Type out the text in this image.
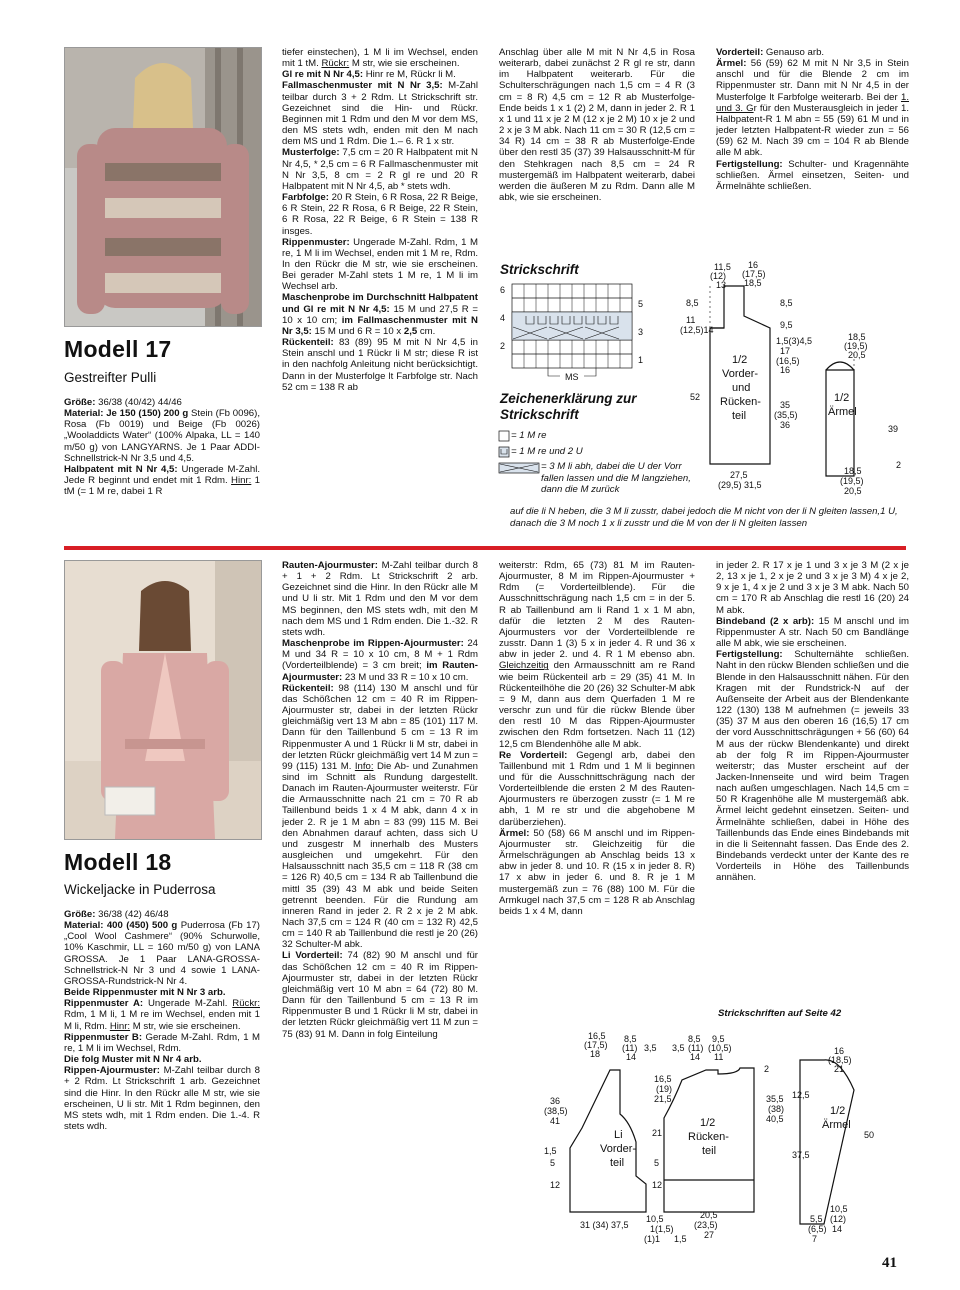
Modell 17
Gestreifter Pulli
Größe: 36/38 (40/42) 44/46
Material: Je 150 (150) 200 g Stein (Fb 0096), Rosa (Fb 0019) und Beige (Fb 0026) „Wooladdicts Water“ (100% Alpaka, LL = 140 m/50 g) von LANGYARNS. Je 1 Paar ADDI-Schnellstrick-N Nr 3,5 und 4,5.
Halbpatent mit N Nr 4,5: Ungerade M-Zahl. Jede R beginnt und endet mit 1 Rdm. Hinr: 1 tM (= 1 M re, dabei 1 R
tiefer einstechen), 1 M li im Wechsel, enden mit 1 tM. Rückr: M str, wie sie erscheinen.
Gl re mit N Nr 4,5: Hinr re M, Rückr li M.
Fallmaschenmuster mit N Nr 3,5: M-Zahl teilbar durch 3 + 2 Rdm. Lt Strickschrift str. Gezeichnet sind die Hin- und Rückr. Beginnen mit 1 Rdm und den M vor dem MS, den MS stets wdh, enden mit den M nach dem MS und 1 Rdm. Die 1.– 6. R 1 x str.
Musterfolge: 7,5 cm = 20 R Halbpatent mit N Nr 4,5, * 2,5 cm = 6 R Fallmaschenmuster mit N Nr 3,5, 8 cm = 2 R gl re und 20 R Halbpatent mit N Nr 4,5, ab * stets wdh.
Farbfolge: 20 R Stein, 6 R Rosa, 22 R Beige, 6 R Stein, 22 R Rosa, 6 R Beige, 22 R Stein, 6 R Rosa, 22 R Beige, 6 R Stein = 138 R insges.
Rippenmuster: Ungerade M-Zahl. Rdm, 1 M re, 1 M li im Wechsel, enden mit 1 M re, Rdm. In den Rückr die M str, wie sie erscheinen. Bei gerader M-Zahl stets 1 M re, 1 M li im Wechsel arb.
Maschenprobe im Durchschnitt Halbpatent und Gl re mit N Nr 4,5: 15 M und 27,5 R = 10 x 10 cm; im Fallmaschenmuster mit N Nr 3,5: 15 M und 6 R = 10 x 2,5 cm.
Rückenteil: 83 (89) 95 M mit N Nr 4,5 in Stein anschl und 1 Rückr li M str; diese R ist in den nachfolg Anleitung nicht berücksichtigt. Dann in der Musterfolge lt Farbfolge str. Nach 52 cm = 138 R ab
Anschlag über alle M mit N Nr 4,5 in Rosa weiterarb, dabei zunächst 2 R gl re str, dann im Halbpatent weiterarb. Für die Schulterschrägungen nach 1,5 cm = 4 R (3 cm = 8 R) 4,5 cm = 12 R ab Musterfolge-Ende beids 1 x 1 (2) 2 M, dann in jeder 2. R 1 x 1 und 11 x je 2 M (12 x je 2 M) 10 x je 2 und 2 x je 3 M abk. Nach 11 cm = 30 R (12,5 cm = 34 R) 14 cm = 38 R ab Musterfolge-Ende über den restl 35 (37) 39 Halsausschnitt-M für den Stehkragen nach 8,5 cm = 24 R mustergemäß im Halbpatent weiterarb, dabei werden die äußeren M zu Rdm. Dann alle M abk, wie sie erscheinen.
Vorderteil: Genauso arb.
Ärmel: 56 (59) 62 M mit N Nr 3,5 in Stein anschl und für die Blende 2 cm im Rippenmuster str. Dann mit N Nr 4,5 in der Musterfolge lt Farbfolge weiterarb. Bei der 1. und 3. Gr für den Musterausgleich in jeder 1. Halbpatent-R 1 M abn = 55 (59) 61 M und in jeder letzten Halbpatent-R wieder zun = 56 (59) 62 M. Nach 39 cm = 104 R ab Blende alle M abk.
Fertigstellung: Schulter- und Kragennähte schließen. Ärmel einsetzen, Seiten- und Ärmelnähte schließen.
Strickschrift
6
5
4
3
2
1
MS
Zeichenerklärung zur Strickschrift
= 1 M re
= 1 M re und 2 U
= 3 M li abh, dabei die U der Vorr fallen lassen und die M langziehen, dann die M zurück
auf die li N heben, die 3 M li zusstr, dabei jedoch die M nicht von der li N gleiten lassen,1 U, danach die 3 M noch 1 x li zusstr und die M von der li N gleiten lassen
11,5
(12)
13
16
(17,5)
18,5
8,5
11
(12,5)14
8,5
9,5
1,5(3)4,5
17
(16,5)
16
52
1/2
Vorder-
und
Rücken-
teil
35
(35,5)
36
27,5
(29,5) 31,5
18,5
(19,5)
20,5
1/2
Ärmel
39
2
18,5
(19,5)
20,5
Modell 18
Wickeljacke in Puderrosa
Größe: 36/38 (42) 46/48
Material: 400 (450) 500 g Puderrosa (Fb 17) „Cool Wool Cashmere“ (90% Schurwolle, 10% Kaschmir, LL = 160 m/50 g) von LANA GROSSA. Je 1 Paar LANA-GROSSA-Schnellstrick-N Nr 3 und 4 sowie 1 LANA-GROSSA-Rundstrick-N Nr 4.
Beide Rippenmuster mit N Nr 3 arb.
Rippenmuster A: Ungerade M-Zahl. Rückr: Rdm, 1 M li, 1 M re im Wechsel, enden mit 1 M li, Rdm. Hinr: M str, wie sie erscheinen.
Rippenmuster B: Gerade M-Zahl. Rdm, 1 M re, 1 M li im Wechsel, Rdm.
Die folg Muster mit N Nr 4 arb.
Rippen-Ajourmuster: M-Zahl teilbar durch 8 + 2 Rdm. Lt Strickschrift 1 arb. Gezeichnet sind die Hinr. In den Rückr alle M str, wie sie erscheinen, U li str. Mit 1 Rdm beginnen, den MS stets wdh, mit 1 Rdm enden. Die 1.-4. R stets wdh.
Rauten-Ajourmuster: M-Zahl teilbar durch 8 + 1 + 2 Rdm. Lt Strickschrift 2 arb. Gezeichnet sind die Hinr. In den Rückr alle M und U li str. Mit 1 Rdm und den M vor dem MS beginnen, den MS stets wdh, mit den M nach dem MS und 1 Rdm enden. Die 1.-32. R stets wdh.
Maschenprobe im Rippen-Ajourmuster: 24 M und 34 R = 10 x 10 cm, 8 M + 1 Rdm (Vorderteilblende) = 3 cm breit; im Rauten-Ajourmuster: 23 M und 33 R = 10 x 10 cm.
Rückenteil: 98 (114) 130 M anschl und für das Schößchen 12 cm = 40 R im Rippen-Ajourmuster str, dabei in der letzten Rückr gleichmäßig vert 13 M abn = 85 (101) 117 M. Dann für den Taillenbund 5 cm = 13 R im Rippenmuster A und 1 Rückr li M str, dabei in der letzten Rückr gleichmäßig vert 14 M zun = 99 (115) 131 M. Info: Die Ab- und Zunahmen sind im Schnitt als Rundung dargestellt. Danach im Rauten-Ajourmuster weiterstr. Für die Armausschnitte nach 21 cm = 70 R ab Taillenbund beids 1 x 4 M abk, dann 4 x in jeder 2. R je 1 M abn = 83 (99) 115 M. Bei den Abnahmen darauf achten, dass sich U und zusgestr M innerhalb des Musters ausgleichen und umgekehrt. Für den Halsausschnitt nach 35,5 cm = 118 R (38 cm = 126 R) 40,5 cm = 134 R ab Taillenbund die mittl 35 (39) 43 M abk und beide Seiten getrennt beenden. Für die Rundung am inneren Rand in jeder 2. R 2 x je 2 M abk. Nach 37,5 cm = 124 R (40 cm = 132 R) 42,5 cm = 140 R ab Taillenbund die restl je 20 (26) 32 Schulter-M abk.
Li Vorderteil: 74 (82) 90 M anschl und für das Schößchen 12 cm = 40 R im Rippen-Ajourmuster str, dabei in der letzten Rückr gleichmäßig vert 10 M abn = 64 (72) 80 M. Dann für den Taillenbund 5 cm = 13 R im Rippenmuster B und 1 Rückr li M str, dabei in der letzten Rückr gleichmäßig vert 11 M zun = 75 (83) 91 M. Dann in folg Einteilung
weiterstr: Rdm, 65 (73) 81 M im Rauten-Ajourmuster, 8 M im Rippen-Ajourmuster + Rdm (= Vorderteilblende). Für die Ausschnittschrägung nach 1,5 cm = in der 5. R ab Taillenbund am li Rand 1 x 1 M abn, dafür die letzten 2 M des Rauten-Ajourmusters vor der Vorderteilblende re zusstr. Dann 1 (3) 5 x in jeder 4. R und 36 x abw in jeder 2. und 4. R 1 M ebenso abn. Gleichzeitig den Armausschnitt am re Rand wie beim Rückenteil arb = 29 (35) 41 M. In Rückenteilhöhe die 20 (26) 32 Schulter-M abk = 9 M, dann aus dem Querfaden 1 M re verschr zun und für die rückw Blende über den restl 10 M das Rippen-Ajourmuster zwischen den Rdm fortsetzen. Nach 11 (12) 12,5 cm Blendenhöhe alle M abk.
Re Vorderteil: Gegengl arb, dabei den Taillenbund mit 1 Rdm und 1 M li beginnen und für die Ausschnittschrägung nach der Vorderteilblende die ersten 2 M des Rauten-Ajourmusters re überzogen zusstr (= 1 M re abh, 1 M re str und die abgehobene M darüberziehen).
Ärmel: 50 (58) 66 M anschl und im Rippen-Ajourmuster str. Gleichzeitig für die Ärmelschrägungen ab Anschlag beids 13 x abw in jeder 8. und 10. R (15 x in jeder 8. R) 17 x abw in jeder 6. und 8. R je 1 M mustergemäß zun = 76 (88) 100 M. Für die Armkugel nach 37,5 cm = 128 R ab Anschlag beids 1 x 4 M, dann
in jeder 2. R 17 x je 1 und 3 x je 3 M (2 x je 2, 13 x je 1, 2 x je 2 und 3 x je 3 M) 4 x je 2, 9 x je 1, 4 x je 2 und 3 x je 3 M abk. Nach 50 cm = 170 R ab Anschlag die restl 16 (20) 24 M abk.
Bindeband (2 x arb): 15 M anschl und im Rippenmuster A str. Nach 50 cm Bandlänge alle M abk, wie sie erscheinen.
Fertigstellung: Schulternähte schließen. Naht in den rückw Blenden schließen und die Blende in den Halsausschnitt nähen. Für den Kragen mit der Rundstrick-N auf der Außenseite der Arbeit aus der Blendenkante 122 (130) 138 M aufnehmen (= jeweils 33 (35) 37 M aus den oberen 16 (16,5) 17 cm der vord Ausschnittschrägungen + 56 (60) 64 M aus der rückw Blendenkante) und direkt ab der folg R im Rippen-Ajourmuster weiterstr; das Muster erscheint auf der Jacken-Innenseite und wird beim Tragen nach außen umgeschlagen. Nach 14,5 cm = 50 R Kragenhöhe alle M mustergemäß abk. Ärmel leicht gedehnt einsetzen. Seiten- und Ärmelnähte schließen, dabei in Höhe des Taillenbunds das Ende eines Bindebands mit in die li Seitennaht fassen. Das Ende des 2. Bindebands verdeckt unter der Kante des re Vorderteils in Höhe des Taillenbunds annähen.
Strickschriften auf Seite 42
16,5
(17,5)
18
8,5
(11)
14
3,5
36
(38,5)
41
1,5
5
12
Li
Vorder-
teil
31 (34) 37,5
10,5
1(1,5)
(1)1 1,5
8,5
(11)
14
9,5
(10,5)
11
3,5
16,5
(19)
21,5
21
2
35,5
(38)
40,5
1/2
Rücken-
teil
5
12
20,5
(23,5)
27
16
(18,5)
21
12,5
37,5
50
1/2
Ärmel
10,5
(12)
14
5,5
(6,5)
7
41
